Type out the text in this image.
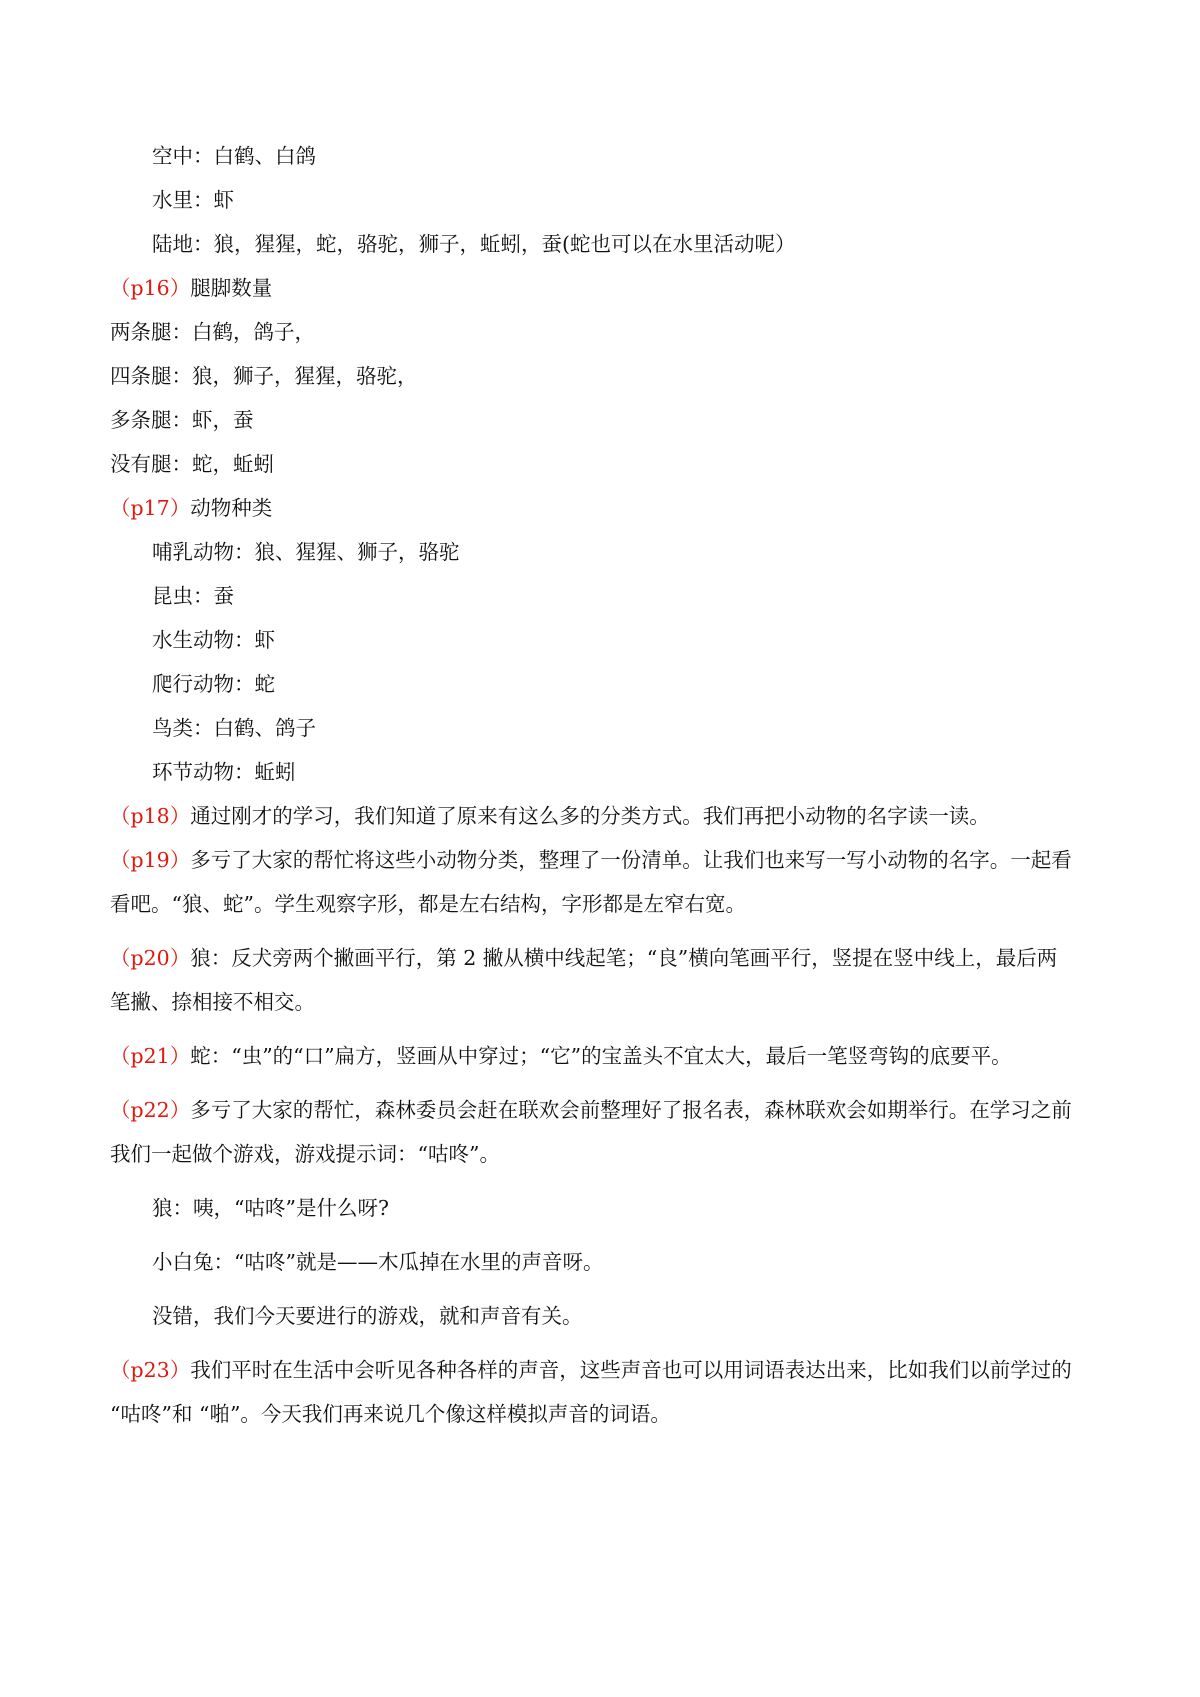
空中：白鹤、白鸽
水里：虾
陆地：狼，猩猩，蛇，骆驼，狮子，蚯蚓，蚕(蛇也可以在水里活动呢）
（p16）腿脚数量
两条腿：白鹤，鸽子，
四条腿：狼，狮子，猩猩，骆驼，
多条腿：虾，蚕
没有腿：蛇，蚯蚓
（p17）动物种类
哺乳动物：狼、猩猩、狮子，骆驼
昆虫：蚕
水生动物：虾
爬行动物：蛇
鸟类：白鹤、鸽子
环节动物：蚯蚓
（p18）通过刚才的学习，我们知道了原来有这么多的分类方式。我们再把小动物的名字读一读。
（p19）多亏了大家的帮忙将这些小动物分类，整理了一份清单。让我们也来写一写小动物的名字。一起看
看吧。“狼、蛇”。学生观察字形，都是左右结构，字形都是左窄右宽。
（p20）狼：反犬旁两个撇画平行，第 2 撇从横中线起笔；“良”横向笔画平行，竖提在竖中线上，最后两
笔撇、捺相接不相交。
（p21）蛇：“虫”的“口”扁方，竖画从中穿过；“它”的宝盖头不宜太大，最后一笔竖弯钩的底要平。
（p22）多亏了大家的帮忙，森林委员会赶在联欢会前整理好了报名表，森林联欢会如期举行。在学习之前
我们一起做个游戏，游戏提示词：“咕咚”。
狼：咦，“咕咚”是什么呀?
小白兔：“咕咚”就是——木瓜掉在水里的声音呀。
没错，我们今天要进行的游戏，就和声音有关。
（p23）我们平时在生活中会听见各种各样的声音，这些声音也可以用词语表达出来，比如我们以前学过的
“咕咚”和 “啪”。今天我们再来说几个像这样模拟声音的词语。
